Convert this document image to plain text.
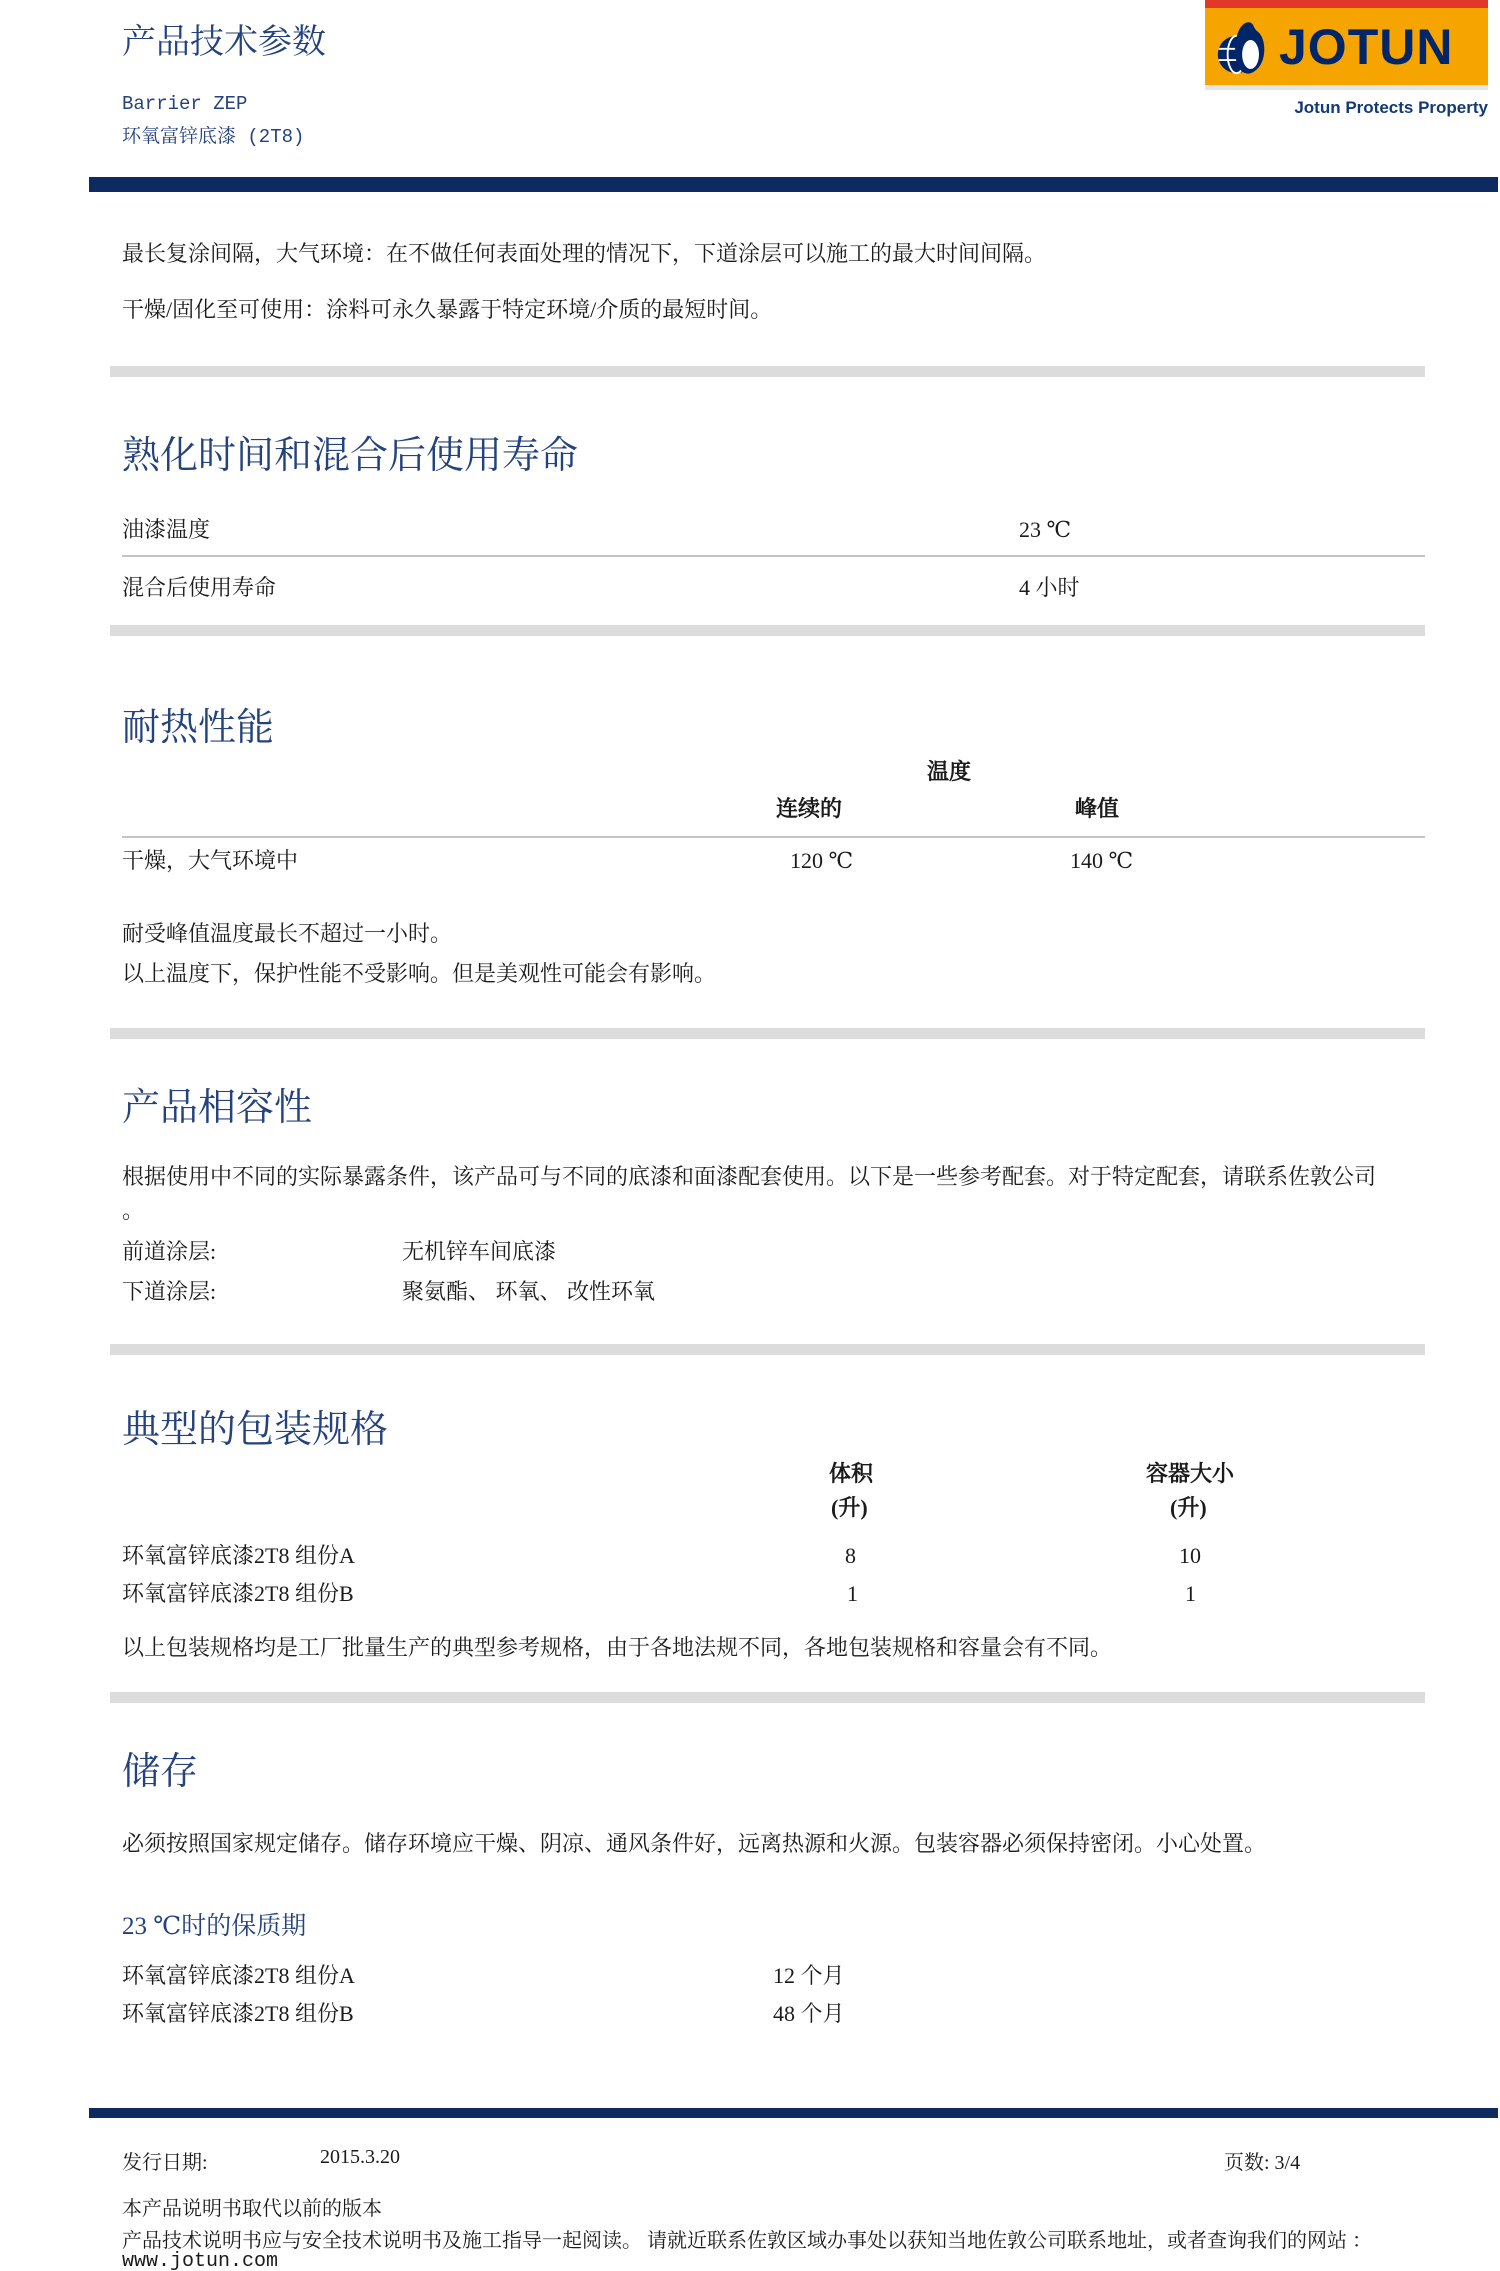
产品技术参数
Barrier ZEP
环氧富锌底漆 (2T8)
JOTUN
Jotun Protects Property
最长复涂间隔，大气环境：在不做任何表面处理的情况下，下道涂层可以施工的最大时间间隔。
干燥/固化至可使用：涂料可永久暴露于特定环境/介质的最短时间。
熟化时间和混合后使用寿命
油漆温度	23 ℃
混合后使用寿命	4 小时
耐热性能
温度
连续的	峰值
干燥，大气环境中	120 ℃	140 ℃
耐受峰值温度最长不超过一小时。
以上温度下，保护性能不受影响。但是美观性可能会有影响。
产品相容性
根据使用中不同的实际暴露条件，该产品可与不同的底漆和面漆配套使用。以下是一些参考配套。对于特定配套，请联系佐敦公司。
前道涂层:	无机锌车间底漆
下道涂层:	聚氨酯、 环氧、 改性环氧
典型的包装规格
体积
(升)
容器大小
(升)
环氧富锌底漆2T8 组份A	8	10
环氧富锌底漆2T8 组份B	1	1
以上包装规格均是工厂批量生产的典型参考规格，由于各地法规不同，各地包装规格和容量会有不同。
储存
必须按照国家规定储存。储存环境应干燥、阴凉、通风条件好，远离热源和火源。包装容器必须保持密闭。小心处置。
23 ℃时的保质期
环氧富锌底漆2T8 组份A	12 个月
环氧富锌底漆2T8 组份B	48 个月
发行日期:	2015.3.20	页数: 3/4
本产品说明书取代以前的版本
产品技术说明书应与安全技术说明书及施工指导一起阅读。 请就近联系佐敦区域办事处以获知当地佐敦公司联系地址，或者查询我们的网站 ：
www.jotun.com
